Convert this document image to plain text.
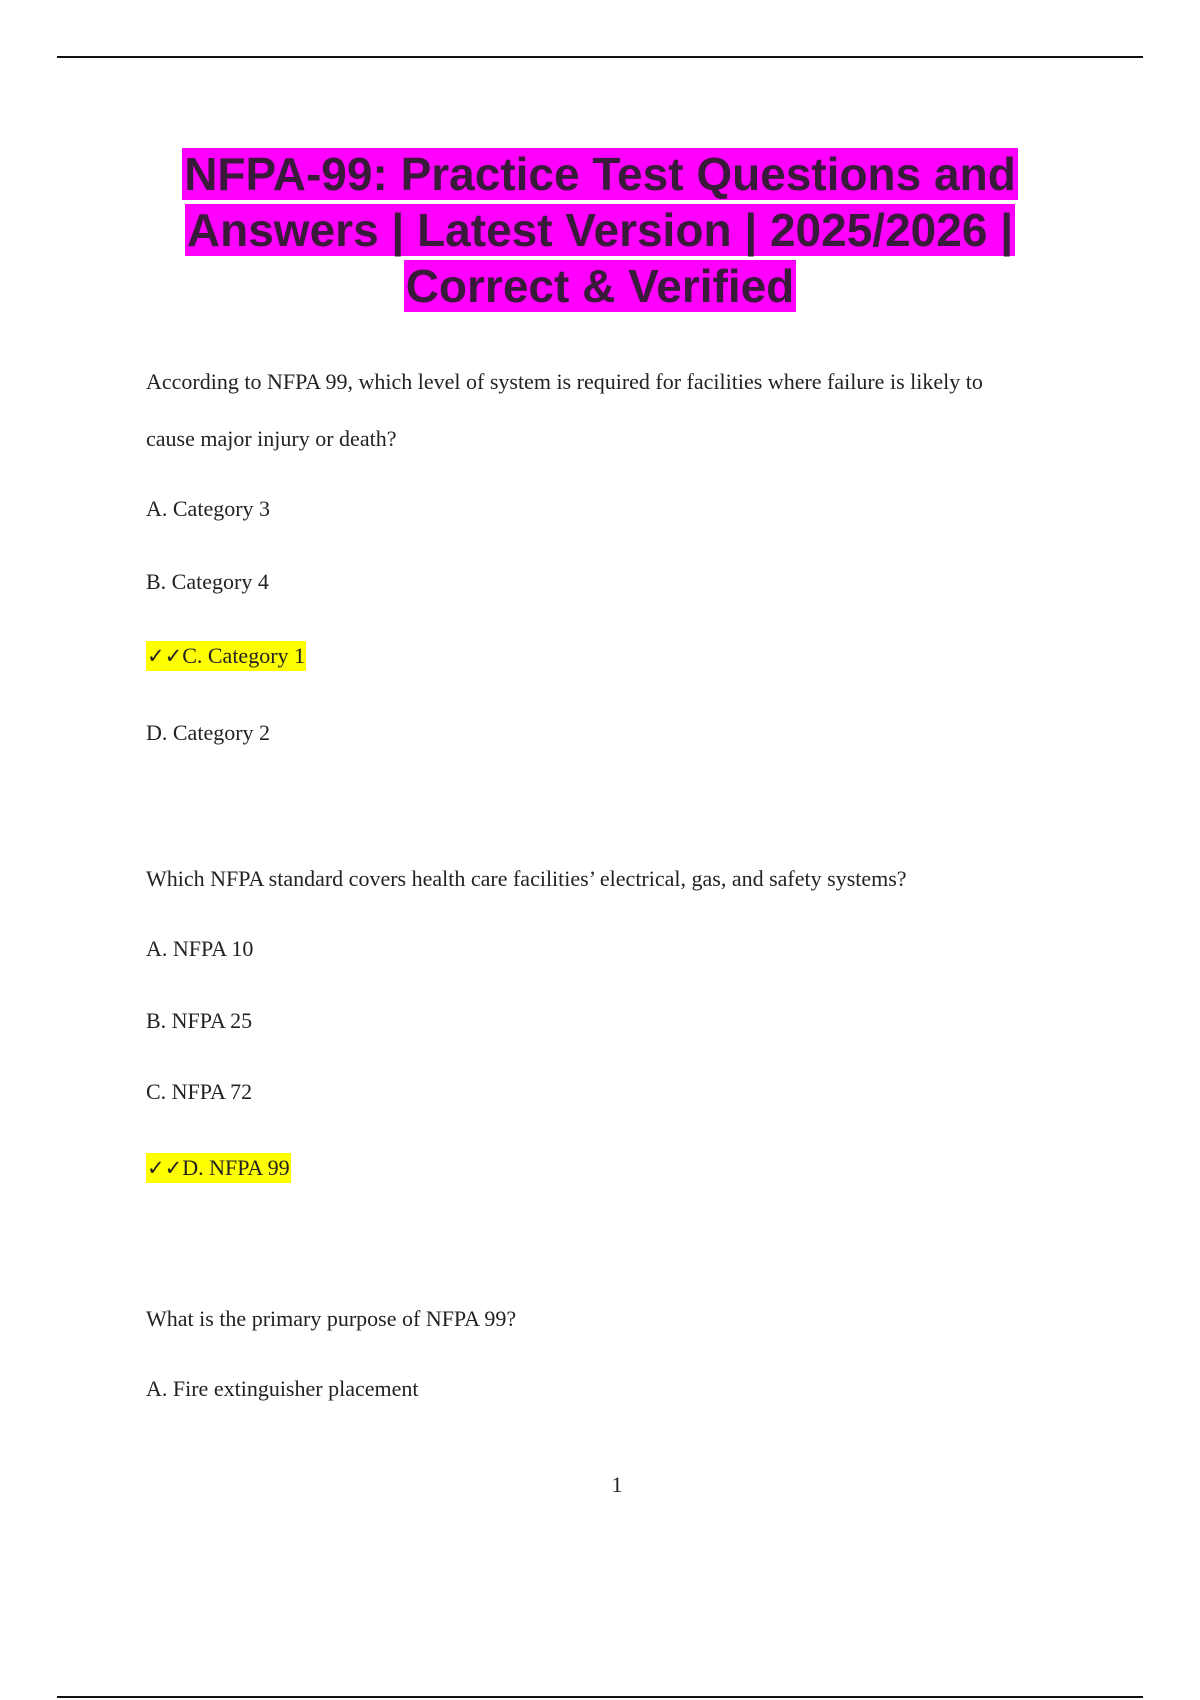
NFPA-99: Practice Test Questions and Answers | Latest Version | 2025/2026 | Correct & Verified
According to NFPA 99, which level of system is required for facilities where failure is likely to
cause major injury or death?
A. Category 3
B. Category 4
✓✓C. Category 1
D. Category 2
Which NFPA standard covers health care facilities’ electrical, gas, and safety systems?
A. NFPA 10
B. NFPA 25
C. NFPA 72
✓✓D. NFPA 99
What is the primary purpose of NFPA 99?
A. Fire extinguisher placement
1
